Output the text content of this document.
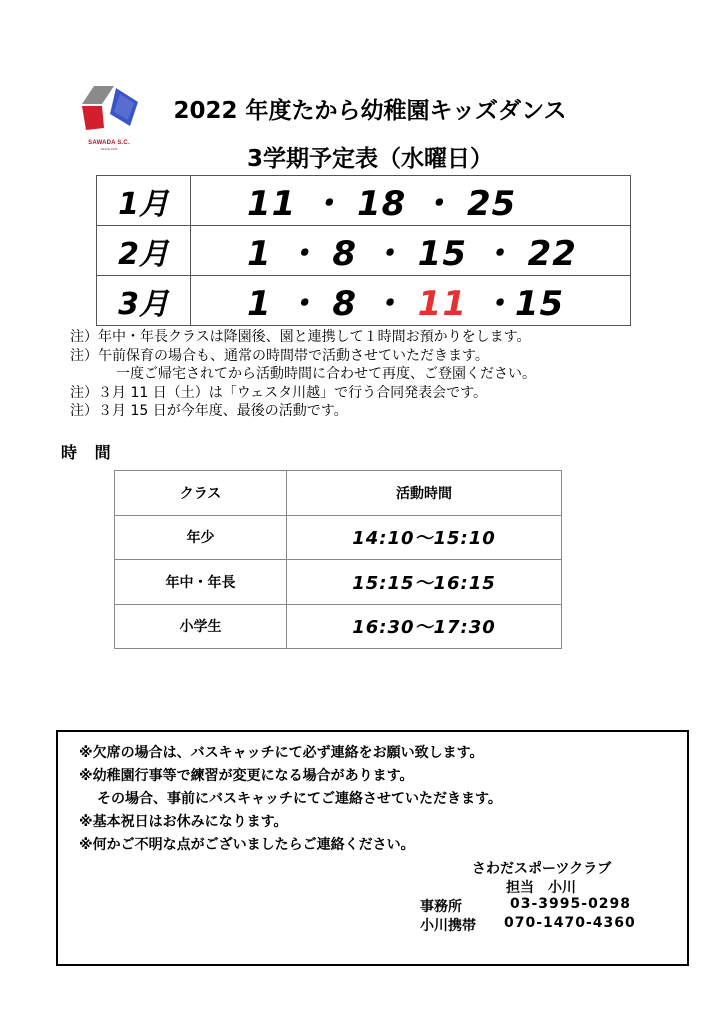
SAWADA S.C.
SINCE 1976
2022 年度たから幼稚園キッズダンス
3学期予定表（水曜日）
1月	11 ・ 18 ・ 25
2月	1 ・ 8 ・ 15 ・ 22
3月	1 ・ 8 ・ 11 ・15
注）年中・年長クラスは降園後、園と連携して１時間お預かりをします。
注）午前保育の場合も、通常の時間帯で活動させていただきます。
一度ご帰宅されてから活動時間に合わせて再度、ご登園ください。
注）３月 11 日（土）は「ウェスタ川越」で行う合同発表会です。
注）３月 15 日が今年度、最後の活動です。
時 間
クラス	活動時間
年少	14:10～15:10
年中・年長	15:15～16:15
小学生	16:30～17:30
※欠席の場合は、バスキャッチにて必ず連絡をお願い致します。
※幼稚園行事等で練習が変更になる場合があります。
その場合、事前にバスキャッチにてご連絡させていただきます。
※基本祝日はお休みになります。
※何かご不明な点がございましたらご連絡ください。
さわだスポーツクラブ
担当　小川
事務所	03-3995-0298
小川携帯 070-1470-4360
